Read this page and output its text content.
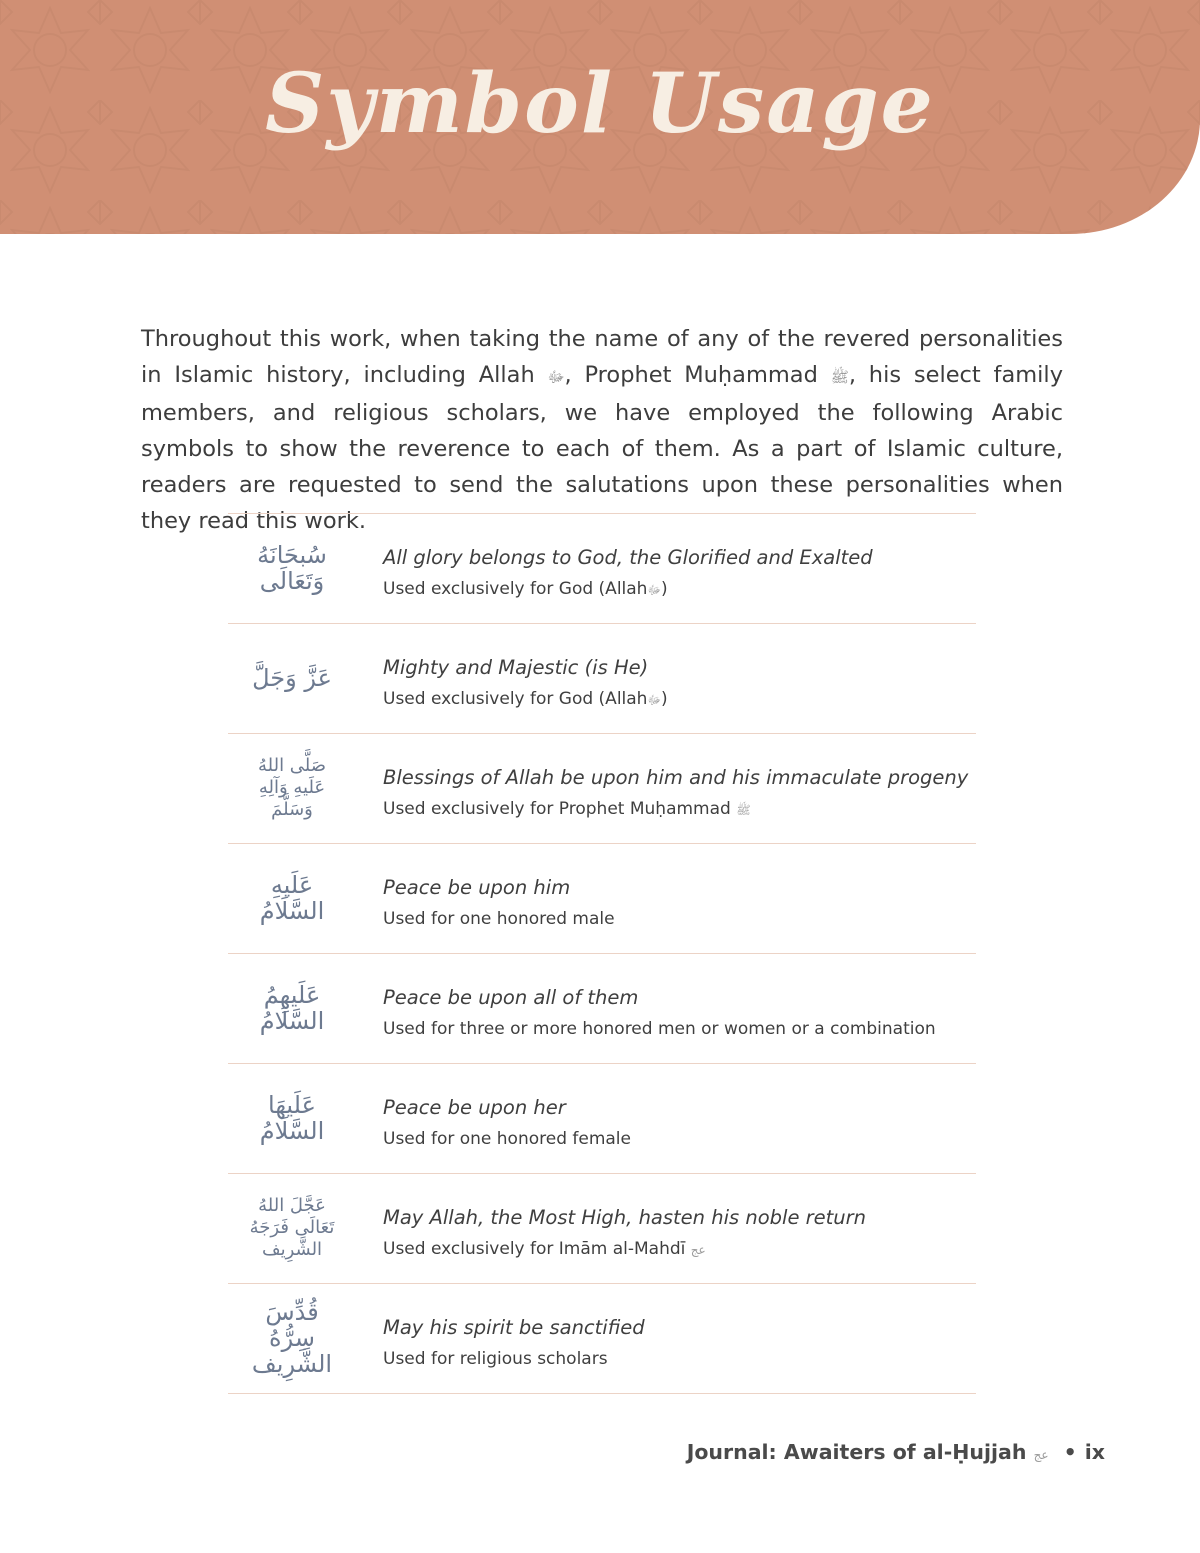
Symbol Usage

Throughout this work, when taking the name of any of the revered personalities in Islamic history, including Allah ﷻ, Prophet Muḥammad ﷺ, his select family members, and religious scholars, we have employed the following Arabic symbols to show the reverence to each of them. As a part of Islamic culture, readers are requested to send the salutations upon these personalities when they read this work.

سُبحَانَهُ وَتَعَالَى
All glory belongs to God, the Glorified and Exalted
Used exclusively for God (Allahﷻ)
عَزَّ وَجَلَّ	Mighty and Majestic (is He)
Used exclusively for God (Allahﷻ)
صَلَّى اللهُ عَلَيهِ وَآلِهِ وَسَلَّمَ
Blessings of Allah be upon him and his immaculate progeny
Used exclusively for Prophet Muḥammad ﷺ
عَلَيهِ السَّلَامُ
Peace be upon him
Used for one honored male
عَلَيهِمُ السَّلَامُ
Peace be upon all of them
Used for three or more honored men or women or a combination
عَلَيهَا السَّلَامُ
Peace be upon her
Used for one honored female
عَجَّلَ اللهُ تَعَالَى فَرَجَهُ الشَّرِيف
May Allah, the Most High, hasten his noble return
Used exclusively for Imām al-Mahdī عج
قُدِّسَ سِرُّهُ الشَّرِيف
May his spirit be sanctified
Used for religious scholars
Journal: Awaiters of al-Ḥujjah عج • ix
